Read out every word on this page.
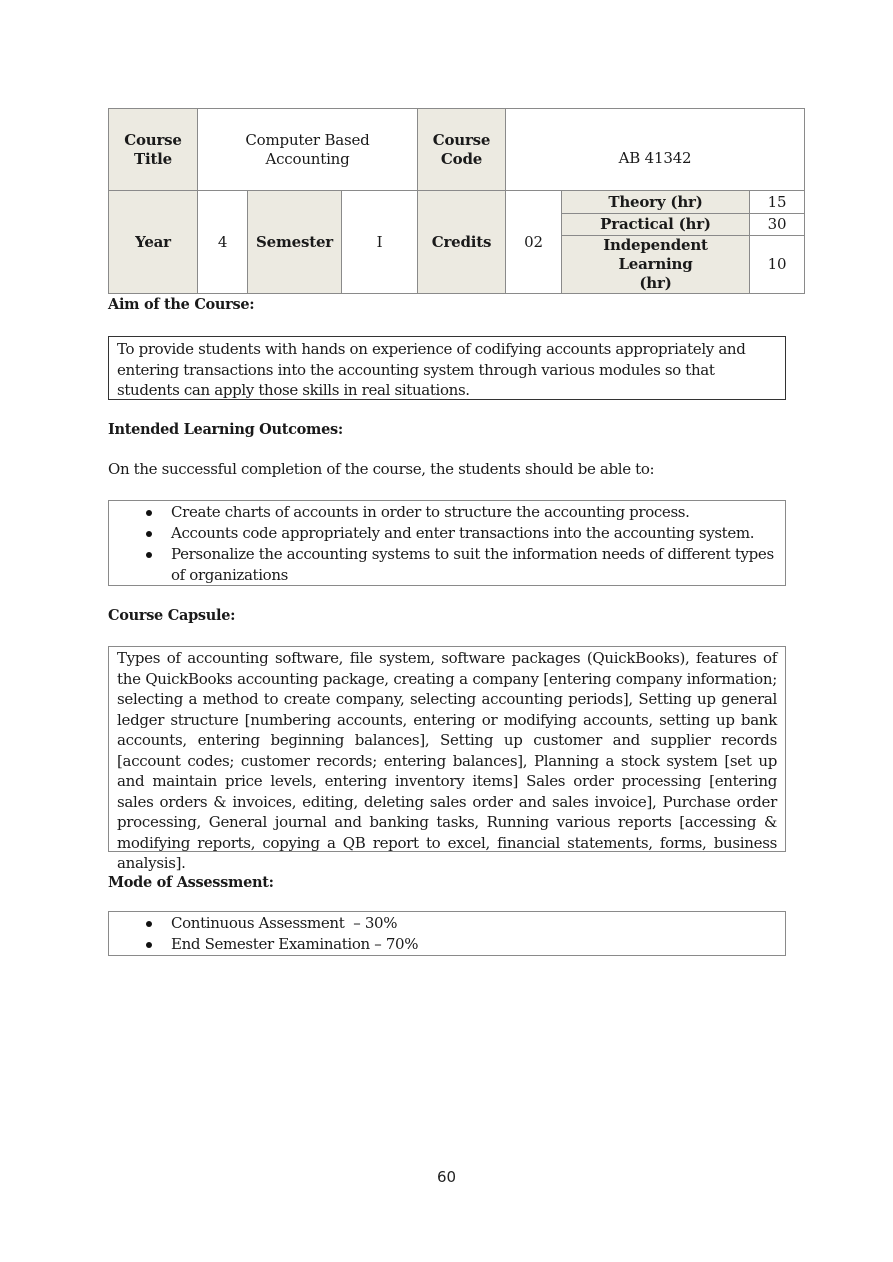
Course Title	Computer Based Accounting			Course Code	AB 41342		
Year	4	Semester	I	Credits	02	Theory (hr)	15
						Practical (hr)	30
						Independent Learning (hr)	10
Aim of the Course:
To provide students with hands on experience of codifying accounts appropriately and entering transactions into the accounting system through various modules so that students can apply those skills in real situations.
Intended Learning Outcomes:
On the successful completion of the course, the students should be able to:
Create charts of accounts in order to structure the accounting process.
Accounts code appropriately and enter transactions into the accounting system.
Personalize the accounting systems to suit the information needs of different types of organizations
Course Capsule:
Types of accounting software, file system, software packages (QuickBooks), features of the QuickBooks accounting package, creating a company [entering company information; selecting a method to create company, selecting accounting periods], Setting up general ledger structure [numbering accounts, entering or modifying accounts, setting up bank accounts, entering beginning balances], Setting up customer and supplier records [account codes; customer records; entering balances], Planning a stock system [set up and maintain price levels, entering inventory items] Sales order processing [entering sales orders & invoices, editing, deleting sales order and sales invoice], Purchase order processing, General journal and banking tasks, Running various reports [accessing & modifying reports, copying a QB report to excel, financial statements, forms, business analysis].
Mode of Assessment:
Continuous Assessment  – 30%
End Semester Examination – 70%
60
